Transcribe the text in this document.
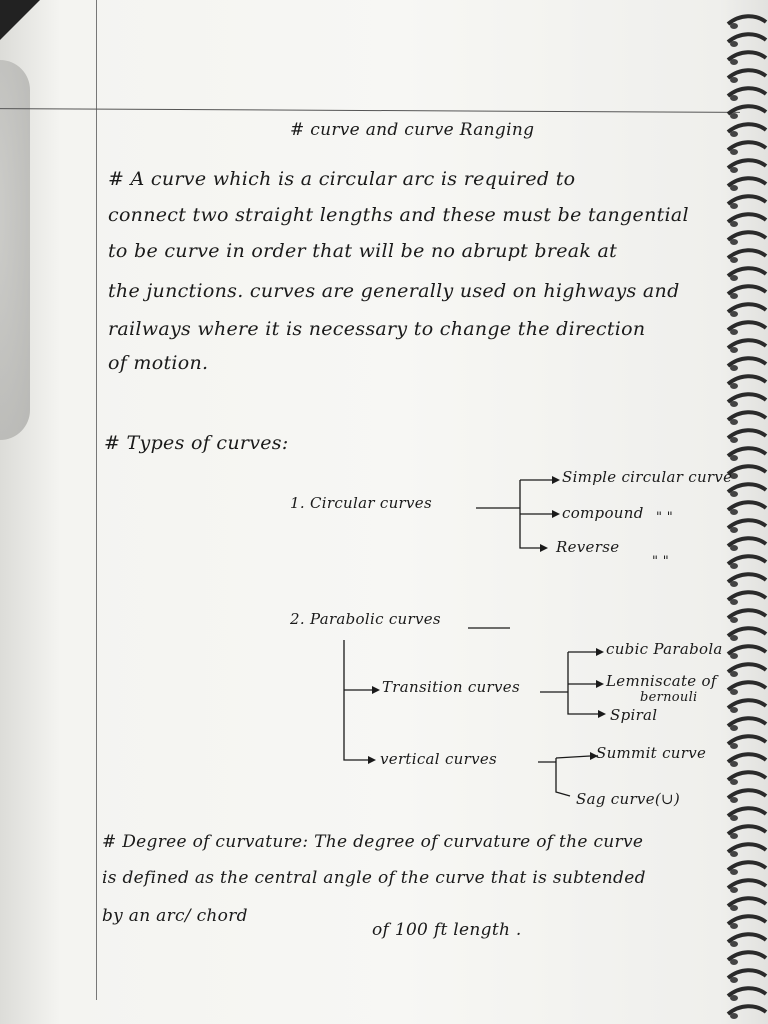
# curve and curve Ranging
# A curve which is a circular arc is required to
connect two straight lengths and these must be tangential
to be curve in order that will be no abrupt break at
the junctions. curves are generally used on highways and
railways where it is necessary to change the direction
of motion.
# Types of curves:
1. Circular curves
Simple circular curve
compound " "
Reverse
" "
2. Parabolic curves
Transition curves
cubic Parabola
Lemniscate of
bernouli
Spiral
vertical curves	Summit curve
Sag curve(∪)
# Degree of curvature: The degree of curvature of the curve
is defined as the central angle of the curve that is subtended
by an arc/ chord
of 100 ft length .
